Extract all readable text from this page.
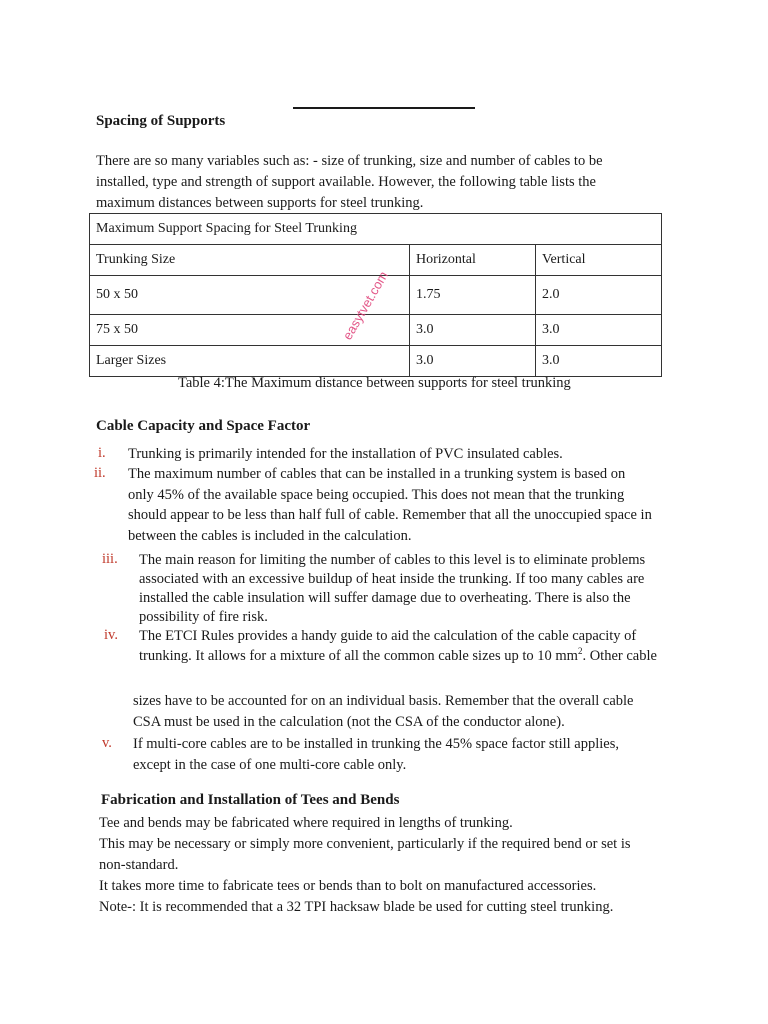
Spacing of Supports
There are so many variables such as: - size of trunking, size and number of cables to be
installed, type and strength of support available. However, the following table lists the
maximum distances between supports for steel trunking.
Maximum Support Spacing for Steel Trunking		
Trunking Size	Horizontal	Vertical
50 x 50	1.75	2.0
75 x 50	3.0	3.0
Larger Sizes	3.0	3.0
easytvet.com
Table 4:The Maximum distance between supports for steel trunking
Cable Capacity and Space Factor
i. Trunking is primarily intended for the installation of PVC insulated cables.
ii. The maximum number of cables that can be installed in a trunking system is based on
only 45% of the available space being occupied. This does not mean that the trunking
should appear to be less than half full of cable. Remember that all the unoccupied space in
between the cables is included in the calculation.
iii. The main reason for limiting the number of cables to this level is to eliminate problems
associated with an excessive buildup of heat inside the trunking. If too many cables are
installed the cable insulation will suffer damage due to overheating. There is also the
possibility of fire risk.
iv. The ETCI Rules provides a handy guide to aid the calculation of the cable capacity of
trunking. It allows for a mixture of all the common cable sizes up to 10 $mm^2$. Other cable
sizes have to be accounted for on an individual basis. Remember that the overall cable
CSA must be used in the calculation (not the CSA of the conductor alone).
v. If multi-core cables are to be installed in trunking the 45% space factor still applies,
except in the case of one multi-core cable only.
Fabrication and Installation of Tees and Bends
Tee and bends may be fabricated where required in lengths of trunking.
This may be necessary or simply more convenient, particularly if the required bend or set is
non-standard.
It takes more time to fabricate tees or bends than to bolt on manufactured accessories.
Note-: It is recommended that a 32 TPI hacksaw blade be used for cutting steel trunking.
